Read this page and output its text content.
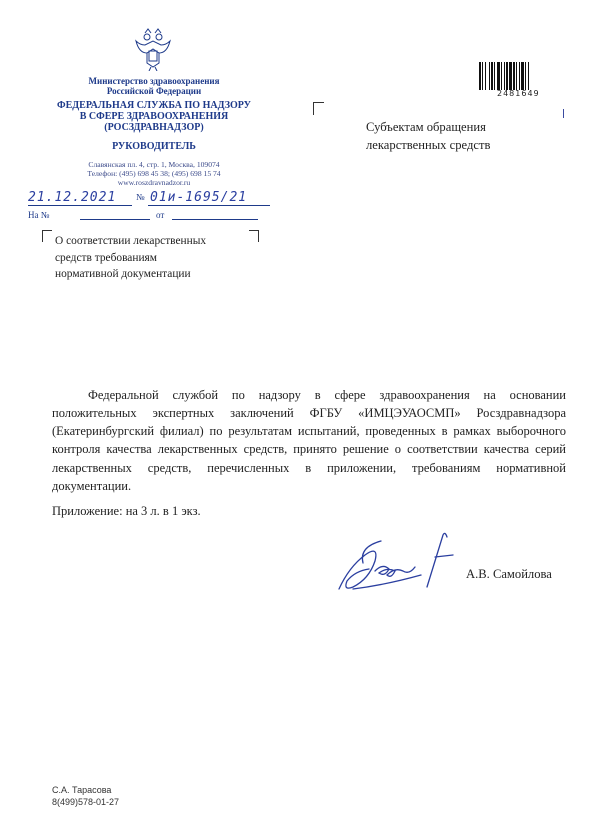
Министерство здравоохранения
Российской Федерации
ФЕДЕРАЛЬНАЯ СЛУЖБА ПО НАДЗОРУ
В СФЕРЕ ЗДРАВООХРАНЕНИЯ
(РОСЗДРАВНАДЗОР)
РУКОВОДИТЕЛЬ
Славянская пл. 4, стр. 1, Москва, 109074
Телефон: (495) 698 45 38; (495) 698 15 74
www.roszdravnadzor.ru
21.12.2021 № 01и-1695/21
На №	от
О соответствии лекарственных
средств требованиям
нормативной документации
Субъектам обращения
лекарственных средств
2481649

Федеральной службой по надзору в сфере здравоохранения на основании положительных экспертных заключений ФГБУ «ИМЦЭУАОСМП» Росздравнадзора (Екатеринбургский филиал) по результатам испытаний, проведенных в рамках выборочного контроля качества лекарственных средств, принято решение о соответствии качества серий лекарственных средств, перечисленных в приложении, требованиям нормативной документации.

Приложение: на 3 л. в 1 экз.
А.В. Самойлова
С.А. Тарасова
8(499)578-01-27
